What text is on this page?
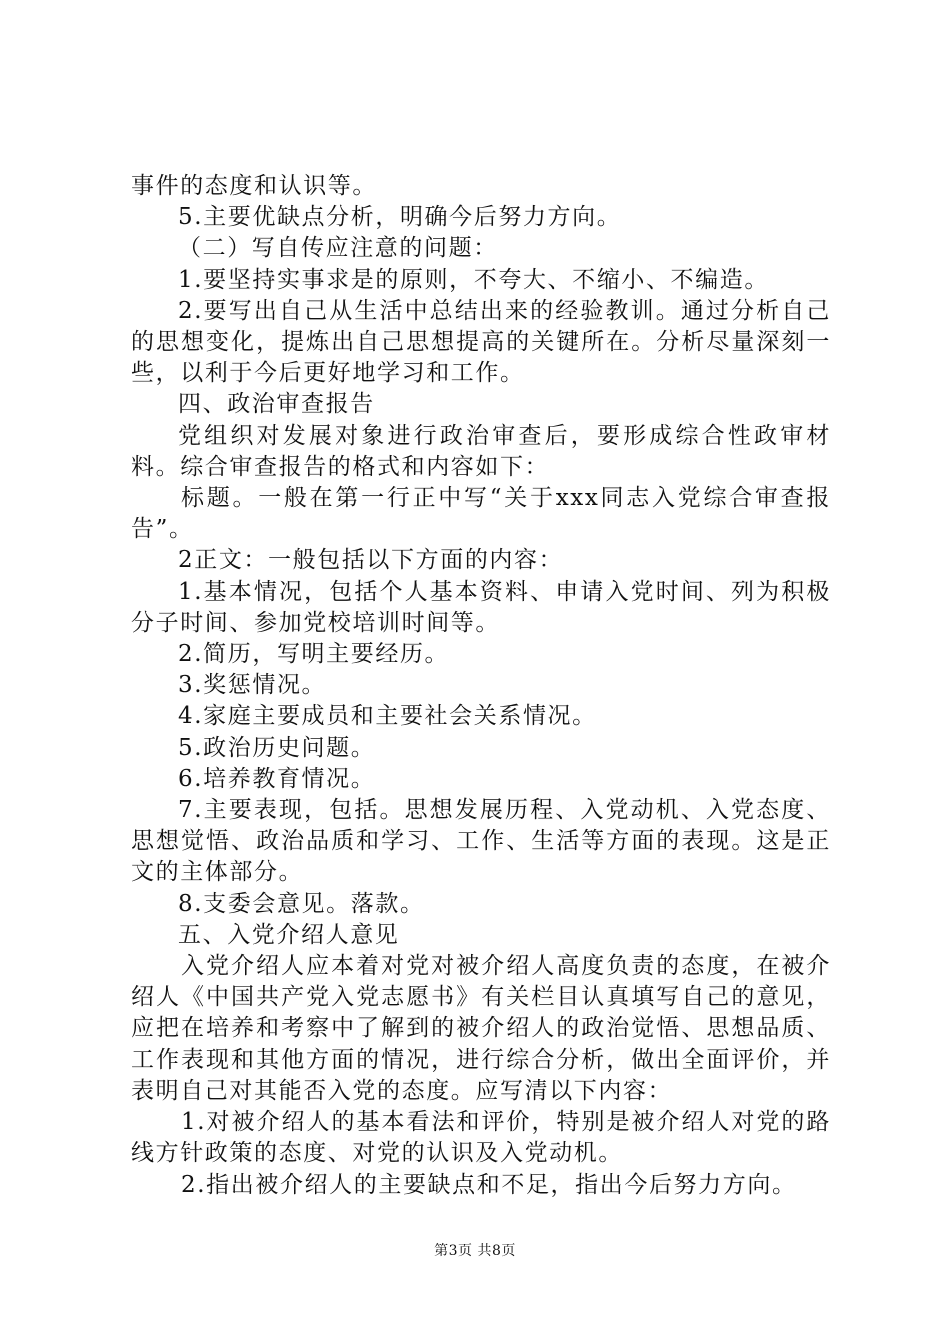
事件的态度和认识等。

5.主要优缺点分析，明确今后努力方向。

（二）写自传应注意的问题：

1.要坚持实事求是的原则，不夸大、不缩小、不编造。

2.要写出自己从生活中总结出来的经验教训。通过分析自己的思想变化，提炼出自己思想提高的关键所在。分析尽量深刻一些，以利于今后更好地学习和工作。

四、政治审查报告

党组织对发展对象进行政治审查后，要形成综合性政审材料。综合审查报告的格式和内容如下：

标题。一般在第一行正中写“关于xxx同志入党综合审查报告”。

2正文：一般包括以下方面的内容：

1.基本情况，包括个人基本资料、申请入党时间、列为积极分子时间、参加党校培训时间等。

2.简历，写明主要经历。

3.奖惩情况。

4.家庭主要成员和主要社会关系情况。

5.政治历史问题。

6.培养教育情况。

7.主要表现，包括。思想发展历程、入党动机、入党态度、思想觉悟、政治品质和学习、工作、生活等方面的表现。这是正文的主体部分。

8.支委会意见。落款。

五、入党介绍人意见

入党介绍人应本着对党对被介绍人高度负责的态度，在被介绍人《中国共产党入党志愿书》有关栏目认真填写自己的意见，应把在培养和考察中了解到的被介绍人的政治觉悟、思想品质、工作表现和其他方面的情况，进行综合分析，做出全面评价，并表明自己对其能否入党的态度。应写清以下内容：

1.对被介绍人的基本看法和评价，特别是被介绍人对党的路线方针政策的态度、对党的认识及入党动机。

2.指出被介绍人的主要缺点和不足，指出今后努力方向。

第3页 共8页
